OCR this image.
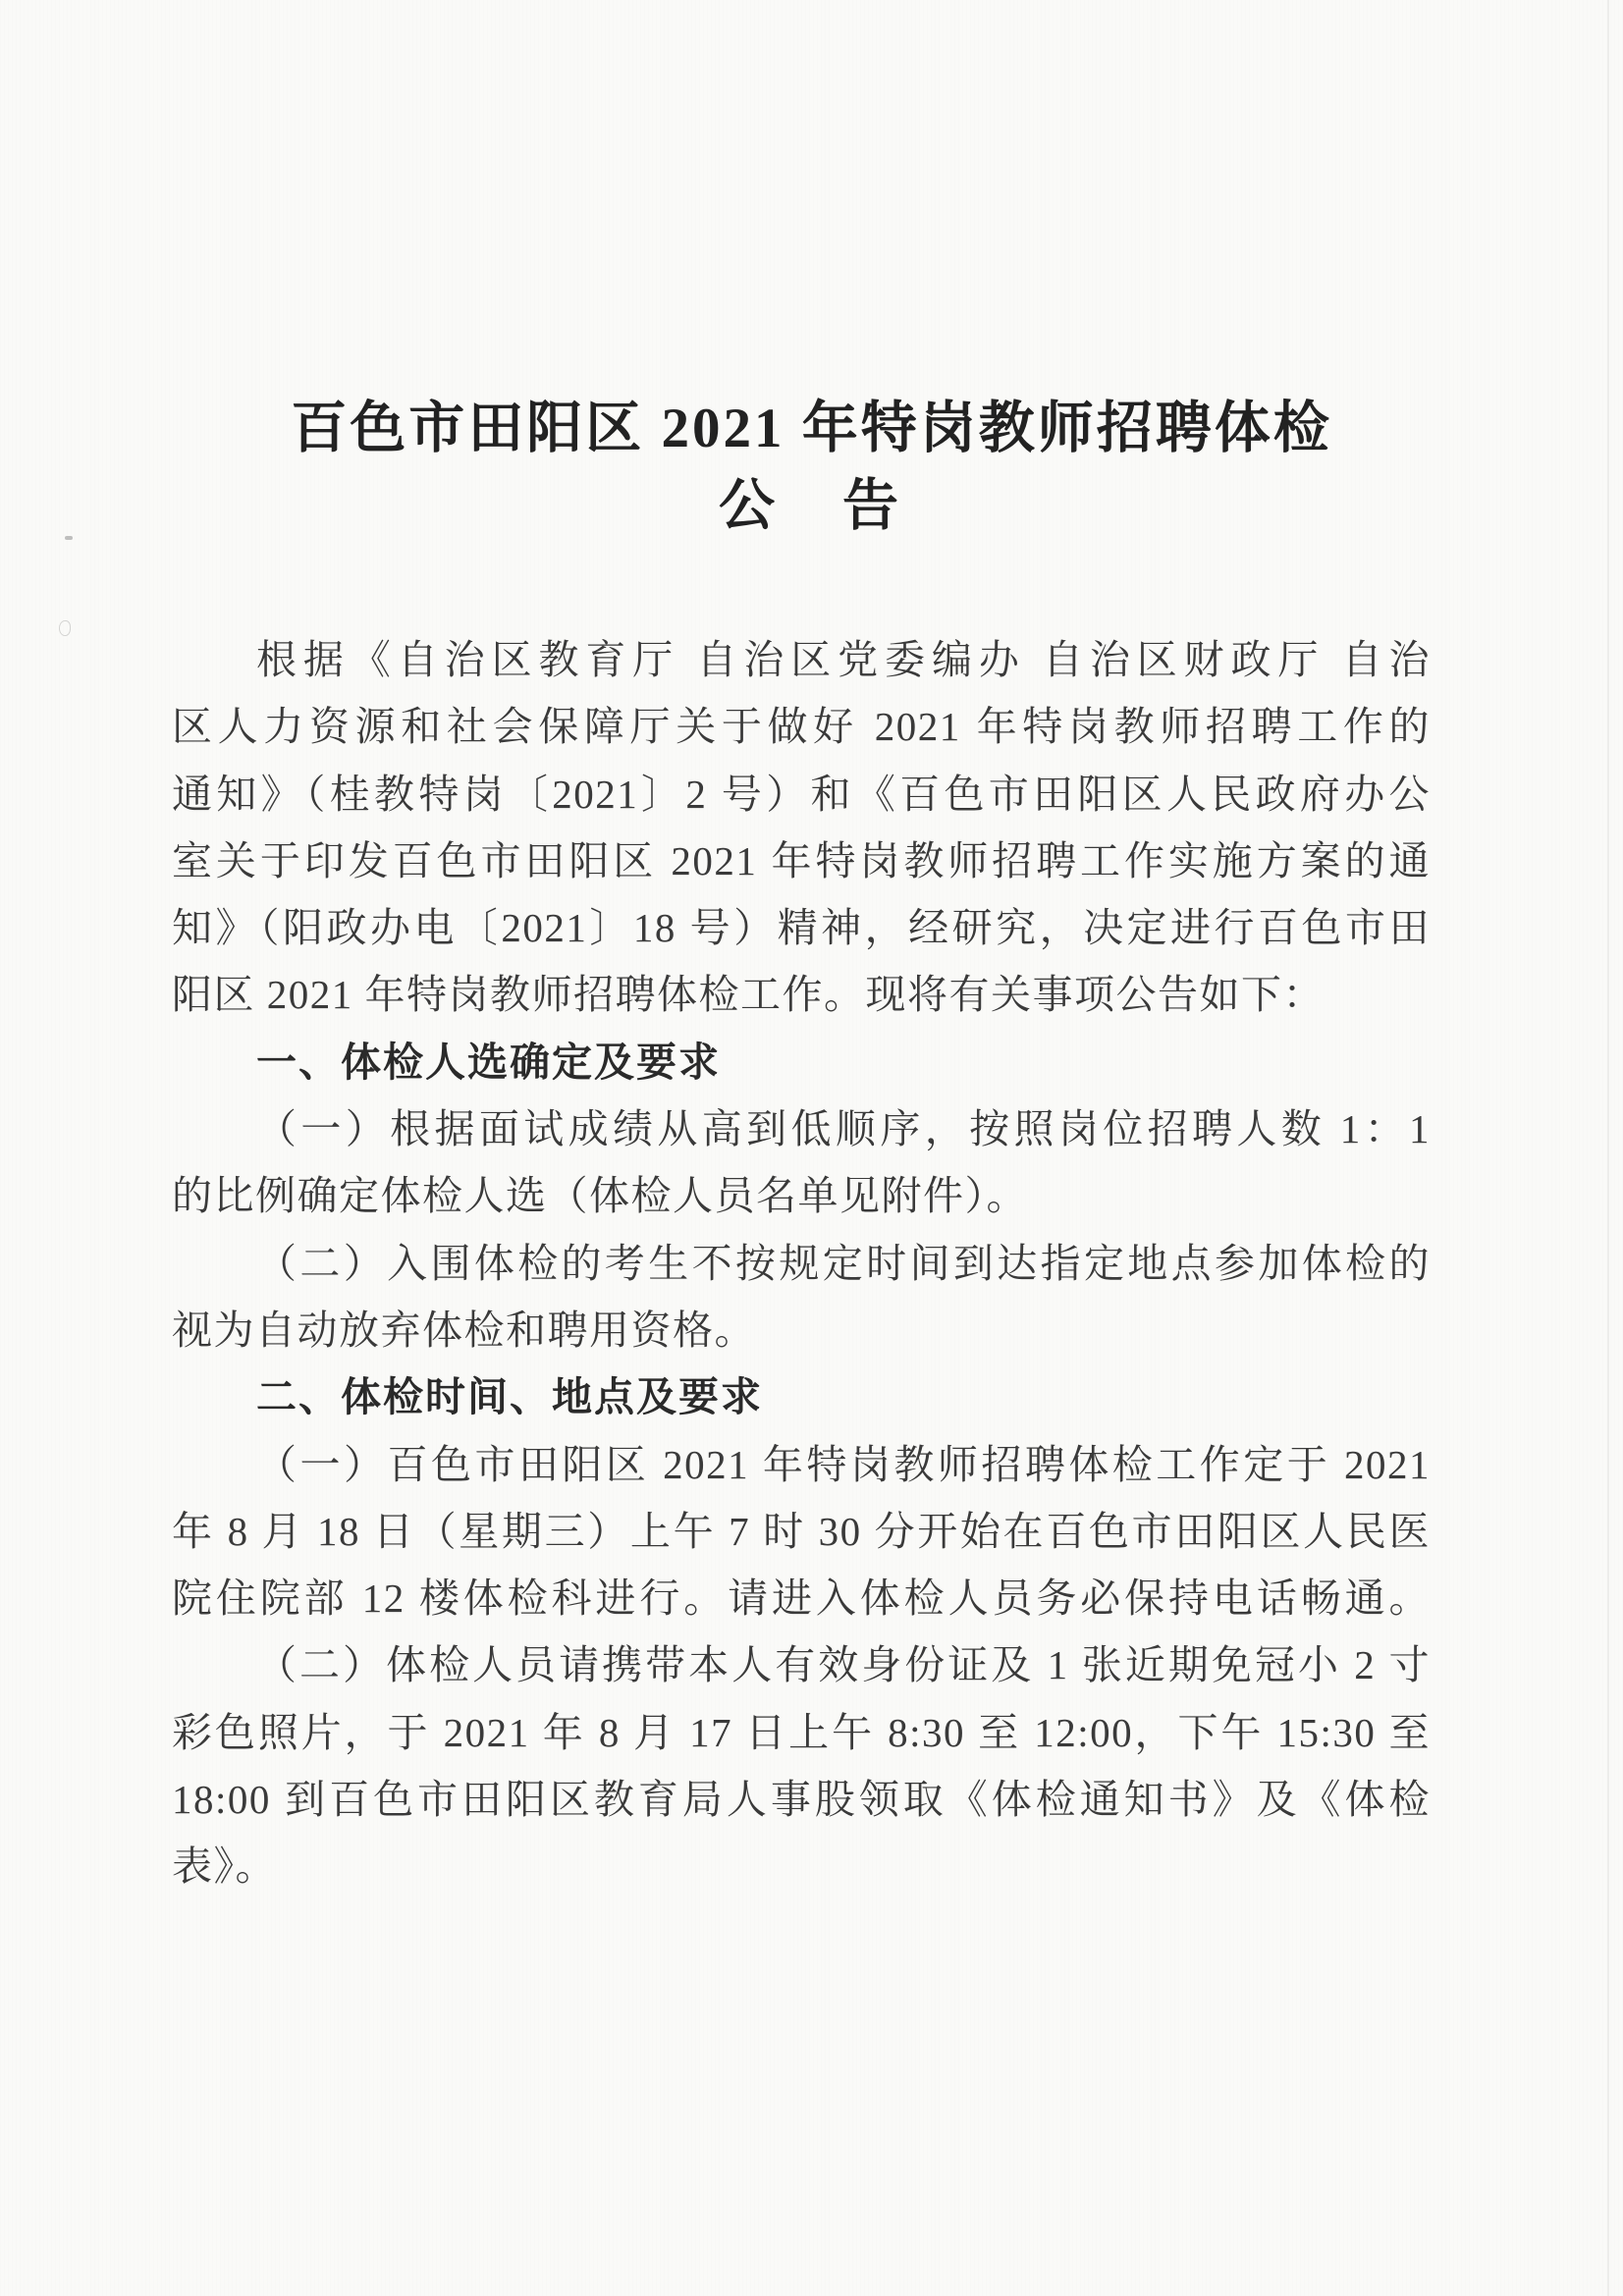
百色市田阳区 2021 年特岗教师招聘体检
公　告
根据《自治区教育厅 自治区党委编办 自治区财政厅 自治
区人力资源和社会保障厅关于做好 2021 年特岗教师招聘工作的
通知》（桂教特岗〔2021〕2 号）和《百色市田阳区人民政府办公
室关于印发百色市田阳区 2021 年特岗教师招聘工作实施方案的通
知》（阳政办电〔2021〕18 号）精神，经研究，决定进行百色市田
阳区 2021 年特岗教师招聘体检工作。现将有关事项公告如下：
一、体检人选确定及要求
（一）根据面试成绩从高到低顺序，按照岗位招聘人数 1：1
的比例确定体检人选（体检人员名单见附件）。
（二）入围体检的考生不按规定时间到达指定地点参加体检的
视为自动放弃体检和聘用资格。
二、体检时间、地点及要求
（一）百色市田阳区 2021 年特岗教师招聘体检工作定于 2021
年 8 月 18 日（星期三）上午 7 时 30 分开始在百色市田阳区人民医
院住院部 12 楼体检科进行。请进入体检人员务必保持电话畅通。
（二）体检人员请携带本人有效身份证及 1 张近期免冠小 2 寸
彩色照片，于 2021 年 8 月 17 日上午 8:30 至 12:00，下午 15:30 至
18:00 到百色市田阳区教育局人事股领取《体检通知书》及《体检
表》。
